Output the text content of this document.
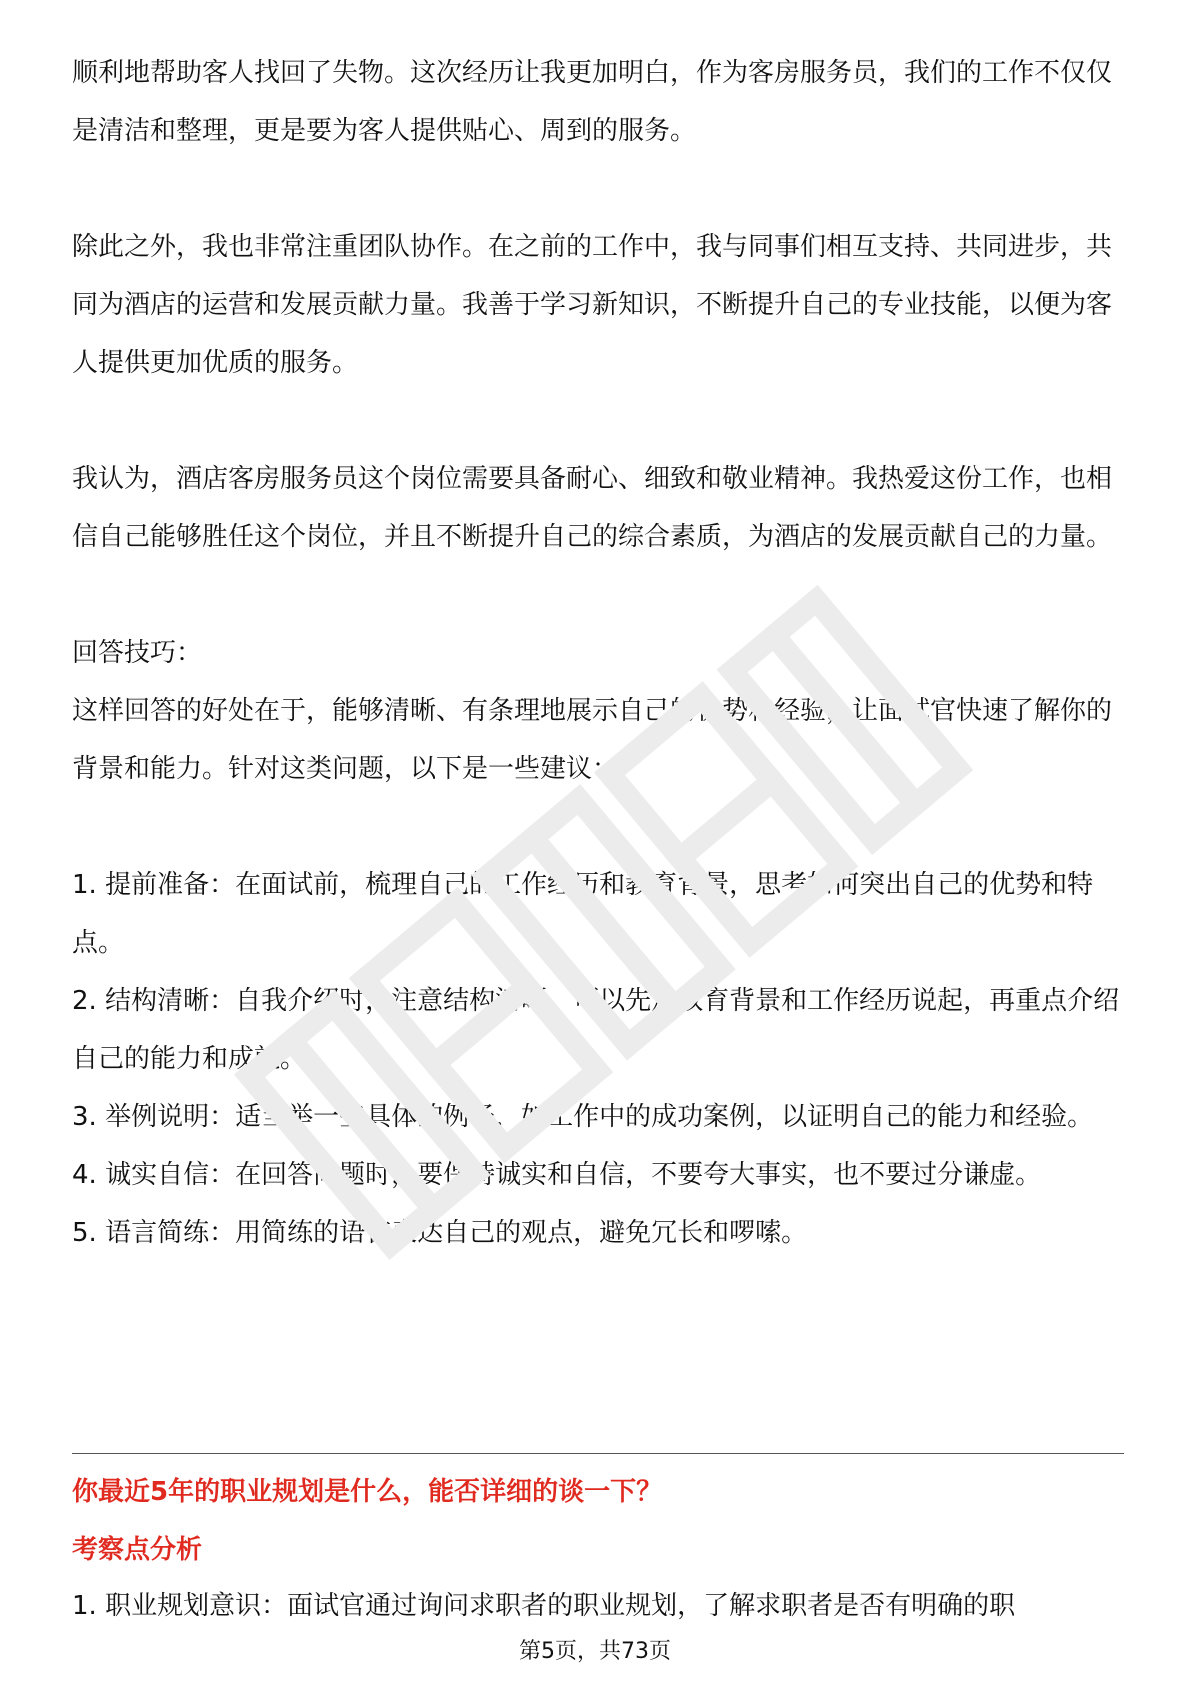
顺利地帮助客人找回了失物。这次经历让我更加明白，作为客房服务员，我们的工作不仅仅是清洁和整理，更是要为客人提供贴心、周到的服务。

除此之外，我也非常注重团队协作。在之前的工作中，我与同事们相互支持、共同进步，共同为酒店的运营和发展贡献力量。我善于学习新知识，不断提升自己的专业技能，以便为客人提供更加优质的服务。

我认为，酒店客房服务员这个岗位需要具备耐心、细致和敬业精神。我热爱这份工作，也相信自己能够胜任这个岗位，并且不断提升自己的综合素质，为酒店的发展贡献自己的力量。

回答技巧：

这样回答的好处在于，能够清晰、有条理地展示自己的优势和经验，让面试官快速了解你的背景和能力。针对这类问题，以下是一些建议：

1. 提前准备：在面试前，梳理自己的工作经历和教育背景，思考如何突出自己的优势和特点。

2. 结构清晰：自我介绍时，注意结构清晰，可以先从教育背景和工作经历说起，再重点介绍自己的能力和成就。

3. 举例说明：适当举一些具体的例子，如工作中的成功案例，以证明自己的能力和经验。

4. 诚实自信：在回答问题时，要保持诚实和自信，不要夸大事实，也不要过分谦虚。

5. 语言简练：用简练的语言表达自己的观点，避免冗长和啰嗦。

你最近5年的职业规划是什么，能否详细的谈一下？

考察点分析

1. 职业规划意识：面试官通过询问求职者的职业规划，了解求职者是否有明确的职

第5页，共73页
